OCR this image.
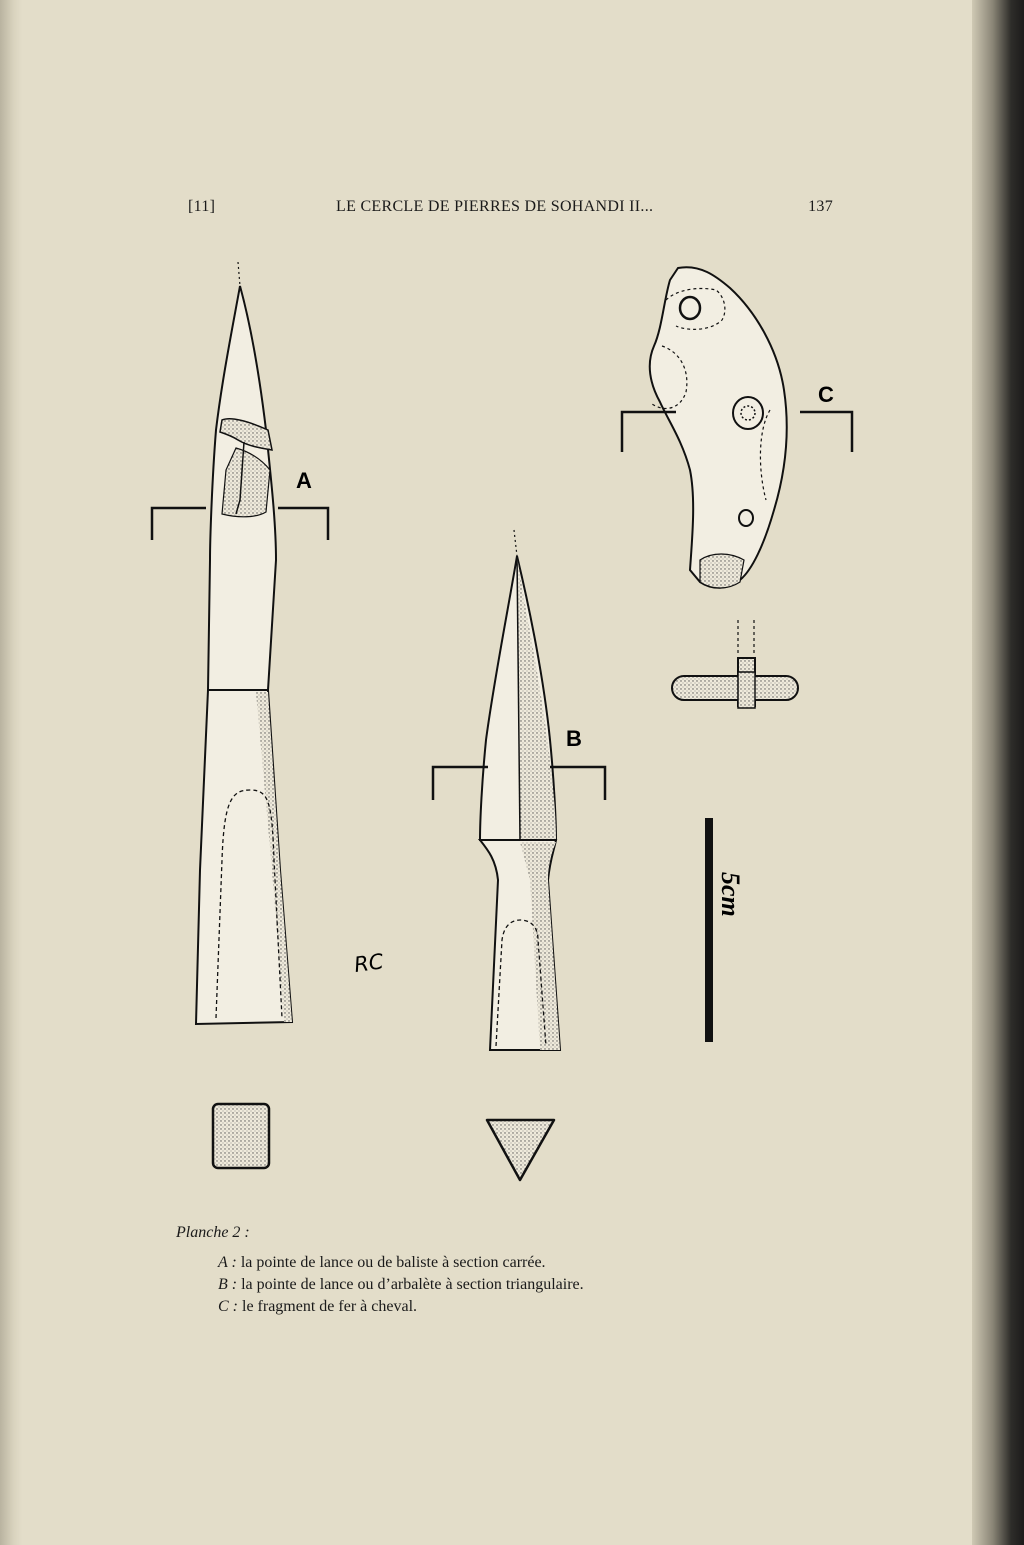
[11]	LE CERCLE DE PIERRES DE SOHANDI II...	137
A
B
C
5cm
RC
Planche 2 :
A : la pointe de lance ou de baliste à section carrée.
B : la pointe de lance ou d’arbalète à section triangulaire.
C : le fragment de fer à cheval.
